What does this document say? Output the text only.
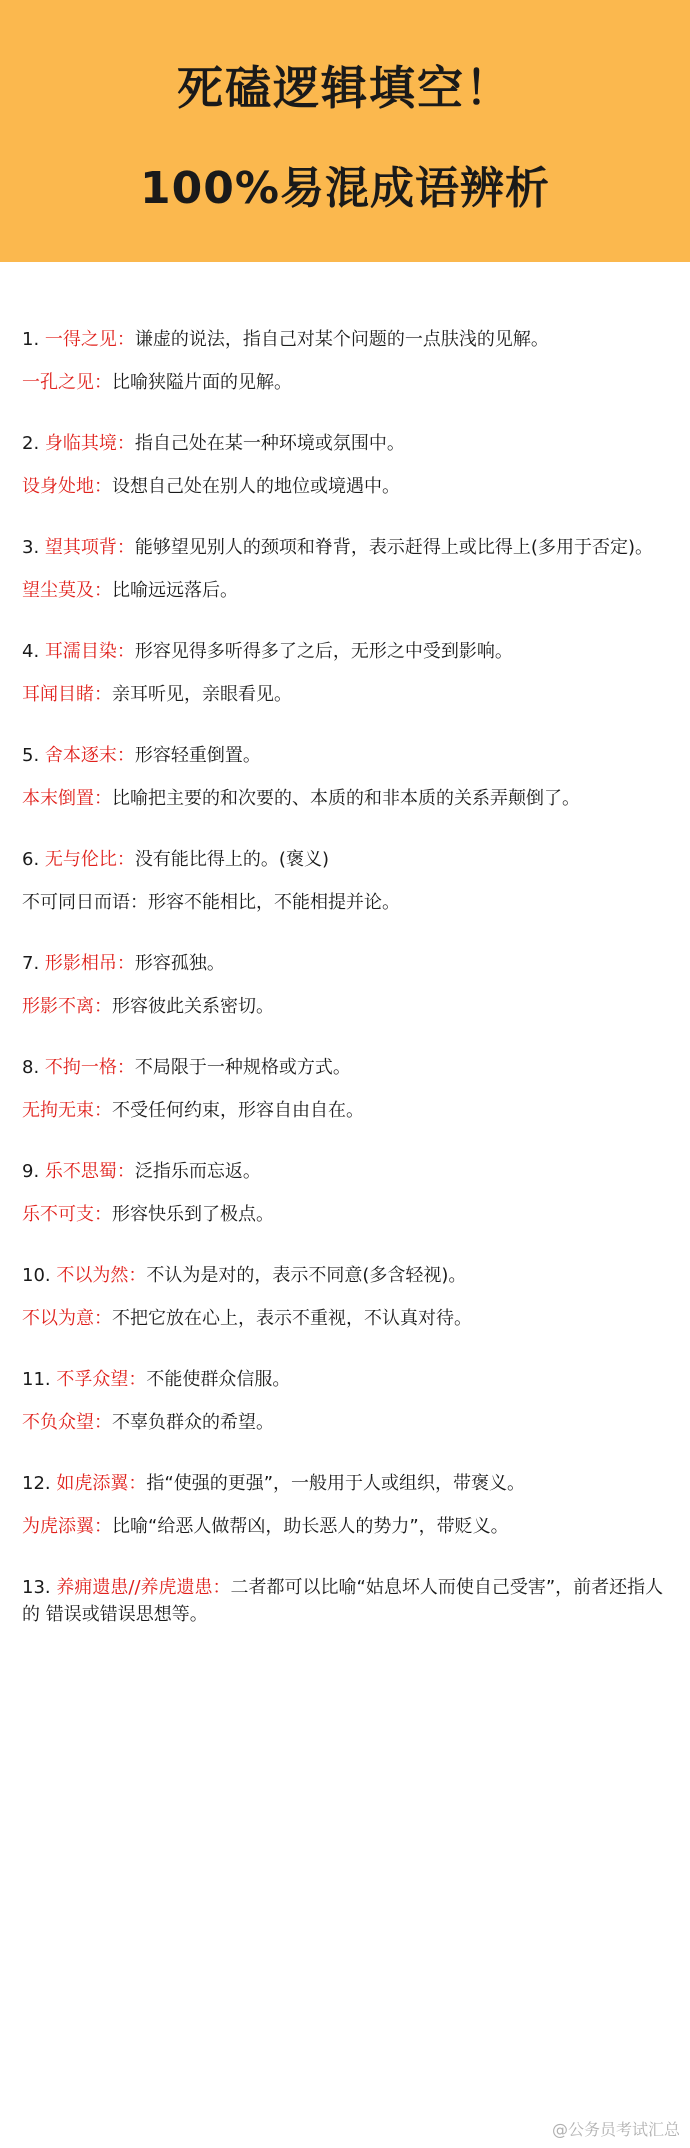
死磕逻辑填空！
100%易混成语辨析

1. 一得之见：谦虚的说法，指自己对某个问题的一点肤浅的见解。

一孔之见：比喻狭隘片面的见解。

2. 身临其境：指自己处在某一种环境或氛围中。

设身处地：设想自己处在别人的地位或境遇中。

3. 望其项背：能够望见别人的颈项和脊背，表示赶得上或比得上(多用于否定)。

望尘莫及：比喻远远落后。

4. 耳濡目染：形容见得多听得多了之后，无形之中受到影响。

耳闻目睹：亲耳听见，亲眼看见。

5. 舍本逐末：形容轻重倒置。

本末倒置：比喻把主要的和次要的、本质的和非本质的关系弄颠倒了。

6. 无与伦比：没有能比得上的。(褒义)

不可同日而语：形容不能相比，不能相提并论。

7. 形影相吊：形容孤独。

形影不离：形容彼此关系密切。

8. 不拘一格：不局限于一种规格或方式。

无拘无束：不受任何约束，形容自由自在。

9. 乐不思蜀：泛指乐而忘返。

乐不可支：形容快乐到了极点。

10. 不以为然：不认为是对的，表示不同意(多含轻视)。

不以为意：不把它放在心上，表示不重视，不认真对待。

11. 不孚众望：不能使群众信服。

不负众望：不辜负群众的希望。

12. 如虎添翼：指“使强的更强”，一般用于人或组织，带褒义。

为虎添翼：比喻“给恶人做帮凶，助长恶人的势力”，带贬义。

13. 养痈遗患//养虎遗患：二者都可以比喻“姑息坏人而使自己受害”，前者还指人的 错误或错误思想等。

@公务员考试汇总
